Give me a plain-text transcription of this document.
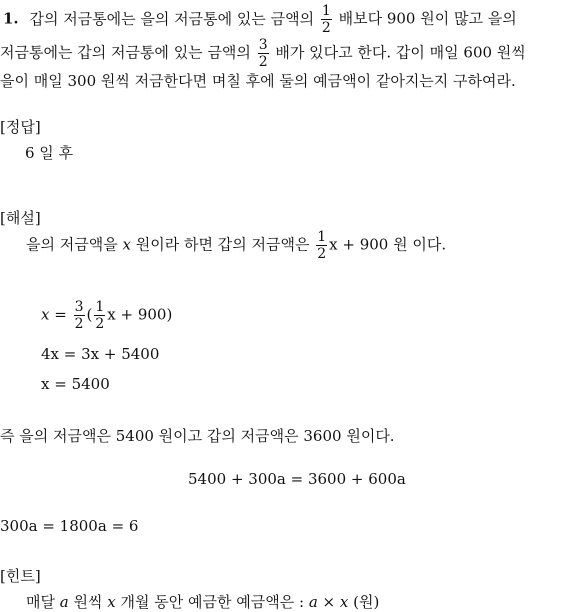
1. 갑의 저금통에는 을의 저금통에 있는 금액의 $\frac{1}{2}$ 배보다 900 원이 많고 을의
저금통에는 갑의 저금통에 있는 금액의 $\frac{3}{2}$ 배가 있다고 한다. 갑이 매일 600 원씩
을이 매일 300 원씩 저금한다면 며칠 후에 둘의 예금액이 같아지는지 구하여라.
[정답]
6 일 후
[해설]
을의 저금액을 x 원이라 하면 갑의 저금액은 $\frac{1}{2}$ x + 900 원 이다.
$x = \frac{3}{2}$ ( $\frac{1}{2}$ x + 900)
4x = 3x + 5400
x = 5400
즉 을의 저금액은 5400 원이고 갑의 저금액은 3600 원이다.
5400 + 300a = 3600 + 600a
300a = 1800a = 6
[힌트]
매달 a 원씩 x 개월 동안 예금한 예금액은 : a × x (원)
